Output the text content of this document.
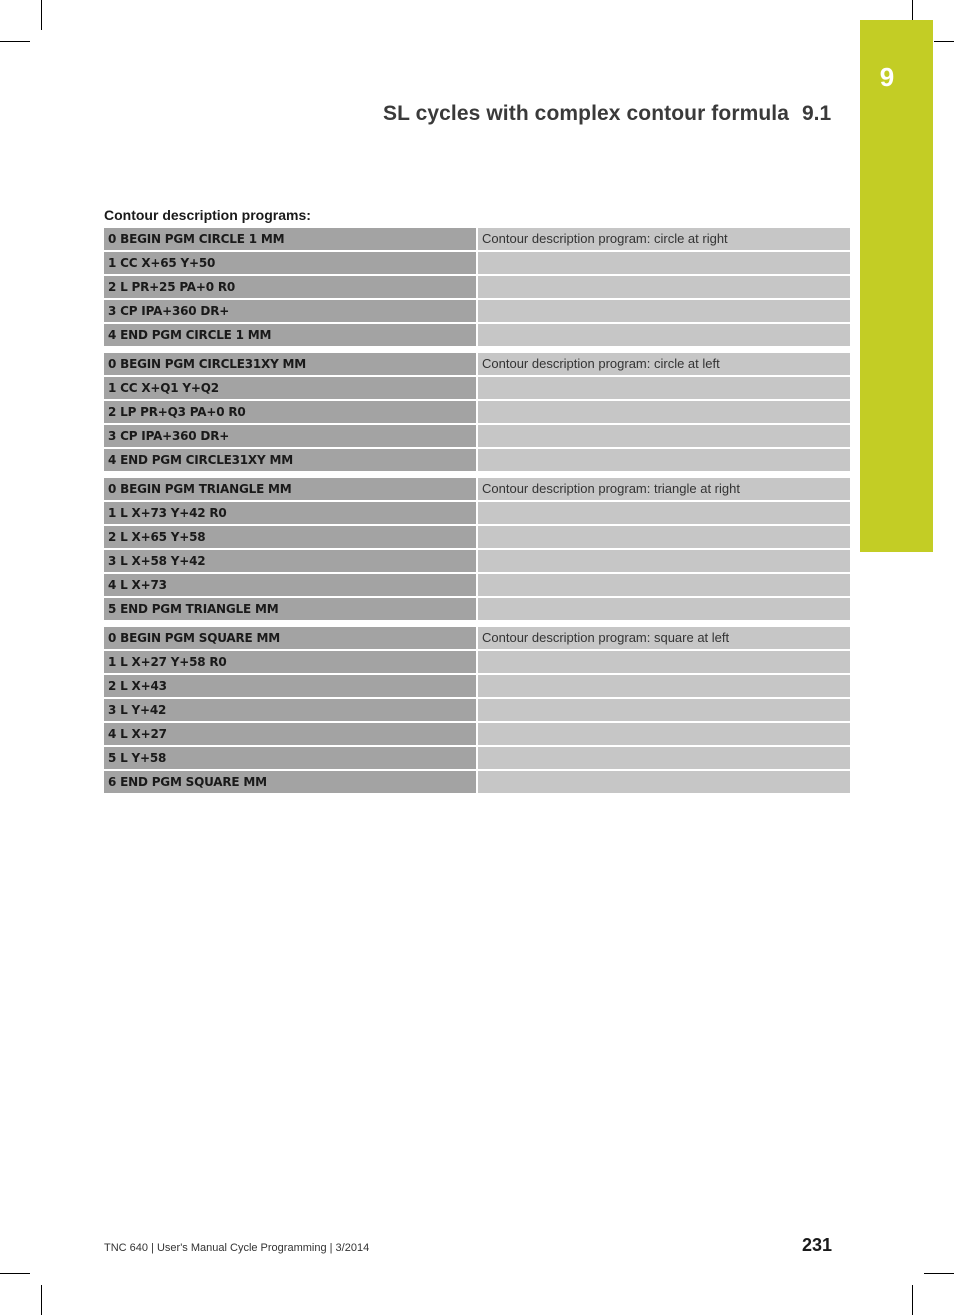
9
SL cycles with complex contour formula 9.1
Contour description programs:
0 BEGIN PGM CIRCLE 1 MM	Contour description program: circle at right
1 CC X+65 Y+50
2 L PR+25 PA+0 R0
3 CP IPA+360 DR+
4 END PGM CIRCLE 1 MM
0 BEGIN PGM CIRCLE31XY MM	Contour description program: circle at left
1 CC X+Q1 Y+Q2
2 LP PR+Q3 PA+0 R0
3 CP IPA+360 DR+
4 END PGM CIRCLE31XY MM
0 BEGIN PGM TRIANGLE MM	Contour description program: triangle at right
1 L X+73 Y+42 R0
2 L X+65 Y+58
3 L X+58 Y+42
4 L X+73
5 END PGM TRIANGLE MM
0 BEGIN PGM SQUARE MM	Contour description program: square at left
1 L X+27 Y+58 R0
2 L X+43
3 L Y+42
4 L X+27
5 L Y+58
6 END PGM SQUARE MM
TNC 640 | User's Manual Cycle Programming | 3/2014	231
